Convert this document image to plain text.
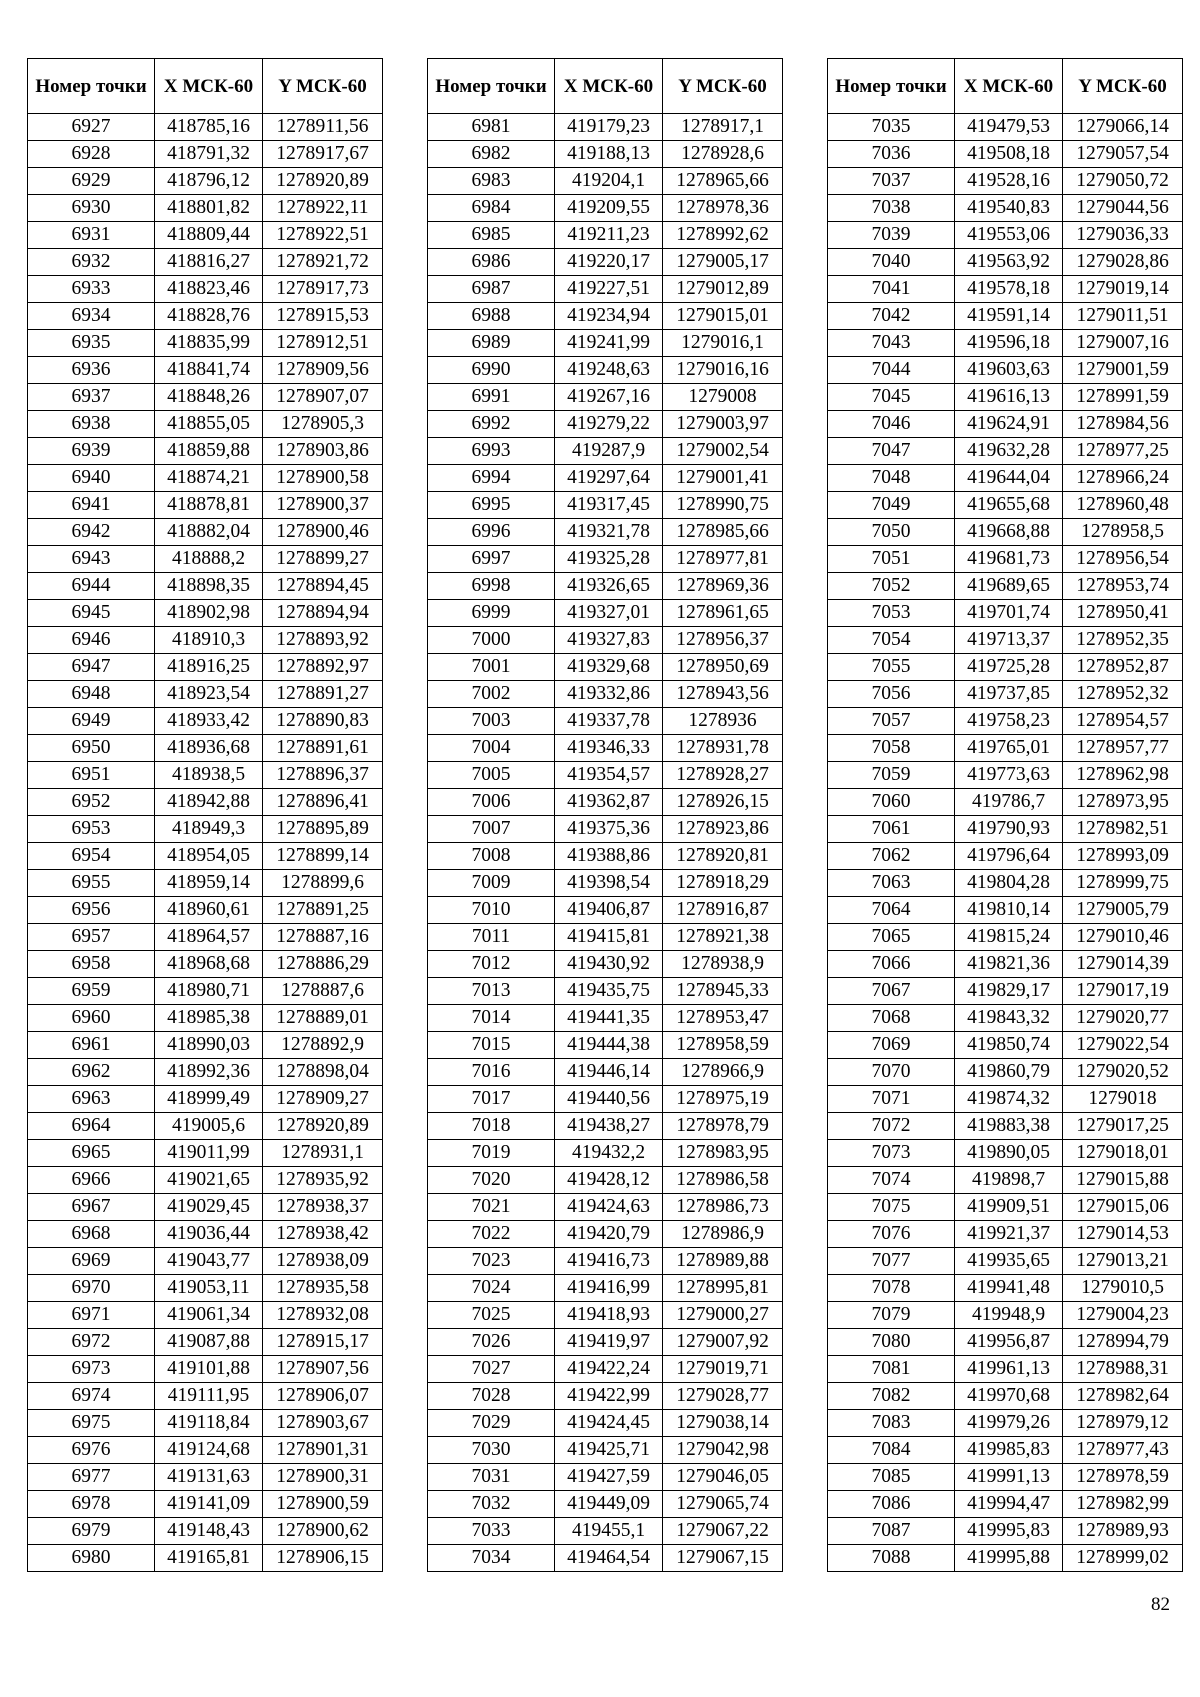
Номер точки	X МСК-60	Y МСК-60
6927	418785,16	1278911,56
6928	418791,32	1278917,67
6929	418796,12	1278920,89
6930	418801,82	1278922,11
6931	418809,44	1278922,51
6932	418816,27	1278921,72
6933	418823,46	1278917,73
6934	418828,76	1278915,53
6935	418835,99	1278912,51
6936	418841,74	1278909,56
6937	418848,26	1278907,07
6938	418855,05	1278905,3
6939	418859,88	1278903,86
6940	418874,21	1278900,58
6941	418878,81	1278900,37
6942	418882,04	1278900,46
6943	418888,2	1278899,27
6944	418898,35	1278894,45
6945	418902,98	1278894,94
6946	418910,3	1278893,92
6947	418916,25	1278892,97
6948	418923,54	1278891,27
6949	418933,42	1278890,83
6950	418936,68	1278891,61
6951	418938,5	1278896,37
6952	418942,88	1278896,41
6953	418949,3	1278895,89
6954	418954,05	1278899,14
6955	418959,14	1278899,6
6956	418960,61	1278891,25
6957	418964,57	1278887,16
6958	418968,68	1278886,29
6959	418980,71	1278887,6
6960	418985,38	1278889,01
6961	418990,03	1278892,9
6962	418992,36	1278898,04
6963	418999,49	1278909,27
6964	419005,6	1278920,89
6965	419011,99	1278931,1
6966	419021,65	1278935,92
6967	419029,45	1278938,37
6968	419036,44	1278938,42
6969	419043,77	1278938,09
6970	419053,11	1278935,58
6971	419061,34	1278932,08
6972	419087,88	1278915,17
6973	419101,88	1278907,56
6974	419111,95	1278906,07
6975	419118,84	1278903,67
6976	419124,68	1278901,31
6977	419131,63	1278900,31
6978	419141,09	1278900,59
6979	419148,43	1278900,62
6980	419165,81	1278906,15
Номер точки	X МСК-60	Y МСК-60
6981	419179,23	1278917,1
6982	419188,13	1278928,6
6983	419204,1	1278965,66
6984	419209,55	1278978,36
6985	419211,23	1278992,62
6986	419220,17	1279005,17
6987	419227,51	1279012,89
6988	419234,94	1279015,01
6989	419241,99	1279016,1
6990	419248,63	1279016,16
6991	419267,16	1279008
6992	419279,22	1279003,97
6993	419287,9	1279002,54
6994	419297,64	1279001,41
6995	419317,45	1278990,75
6996	419321,78	1278985,66
6997	419325,28	1278977,81
6998	419326,65	1278969,36
6999	419327,01	1278961,65
7000	419327,83	1278956,37
7001	419329,68	1278950,69
7002	419332,86	1278943,56
7003	419337,78	1278936
7004	419346,33	1278931,78
7005	419354,57	1278928,27
7006	419362,87	1278926,15
7007	419375,36	1278923,86
7008	419388,86	1278920,81
7009	419398,54	1278918,29
7010	419406,87	1278916,87
7011	419415,81	1278921,38
7012	419430,92	1278938,9
7013	419435,75	1278945,33
7014	419441,35	1278953,47
7015	419444,38	1278958,59
7016	419446,14	1278966,9
7017	419440,56	1278975,19
7018	419438,27	1278978,79
7019	419432,2	1278983,95
7020	419428,12	1278986,58
7021	419424,63	1278986,73
7022	419420,79	1278986,9
7023	419416,73	1278989,88
7024	419416,99	1278995,81
7025	419418,93	1279000,27
7026	419419,97	1279007,92
7027	419422,24	1279019,71
7028	419422,99	1279028,77
7029	419424,45	1279038,14
7030	419425,71	1279042,98
7031	419427,59	1279046,05
7032	419449,09	1279065,74
7033	419455,1	1279067,22
7034	419464,54	1279067,15
Номер точки	X МСК-60	Y МСК-60
7035	419479,53	1279066,14
7036	419508,18	1279057,54
7037	419528,16	1279050,72
7038	419540,83	1279044,56
7039	419553,06	1279036,33
7040	419563,92	1279028,86
7041	419578,18	1279019,14
7042	419591,14	1279011,51
7043	419596,18	1279007,16
7044	419603,63	1279001,59
7045	419616,13	1278991,59
7046	419624,91	1278984,56
7047	419632,28	1278977,25
7048	419644,04	1278966,24
7049	419655,68	1278960,48
7050	419668,88	1278958,5
7051	419681,73	1278956,54
7052	419689,65	1278953,74
7053	419701,74	1278950,41
7054	419713,37	1278952,35
7055	419725,28	1278952,87
7056	419737,85	1278952,32
7057	419758,23	1278954,57
7058	419765,01	1278957,77
7059	419773,63	1278962,98
7060	419786,7	1278973,95
7061	419790,93	1278982,51
7062	419796,64	1278993,09
7063	419804,28	1278999,75
7064	419810,14	1279005,79
7065	419815,24	1279010,46
7066	419821,36	1279014,39
7067	419829,17	1279017,19
7068	419843,32	1279020,77
7069	419850,74	1279022,54
7070	419860,79	1279020,52
7071	419874,32	1279018
7072	419883,38	1279017,25
7073	419890,05	1279018,01
7074	419898,7	1279015,88
7075	419909,51	1279015,06
7076	419921,37	1279014,53
7077	419935,65	1279013,21
7078	419941,48	1279010,5
7079	419948,9	1279004,23
7080	419956,87	1278994,79
7081	419961,13	1278988,31
7082	419970,68	1278982,64
7083	419979,26	1278979,12
7084	419985,83	1278977,43
7085	419991,13	1278978,59
7086	419994,47	1278982,99
7087	419995,83	1278989,93
7088	419995,88	1278999,02
82
